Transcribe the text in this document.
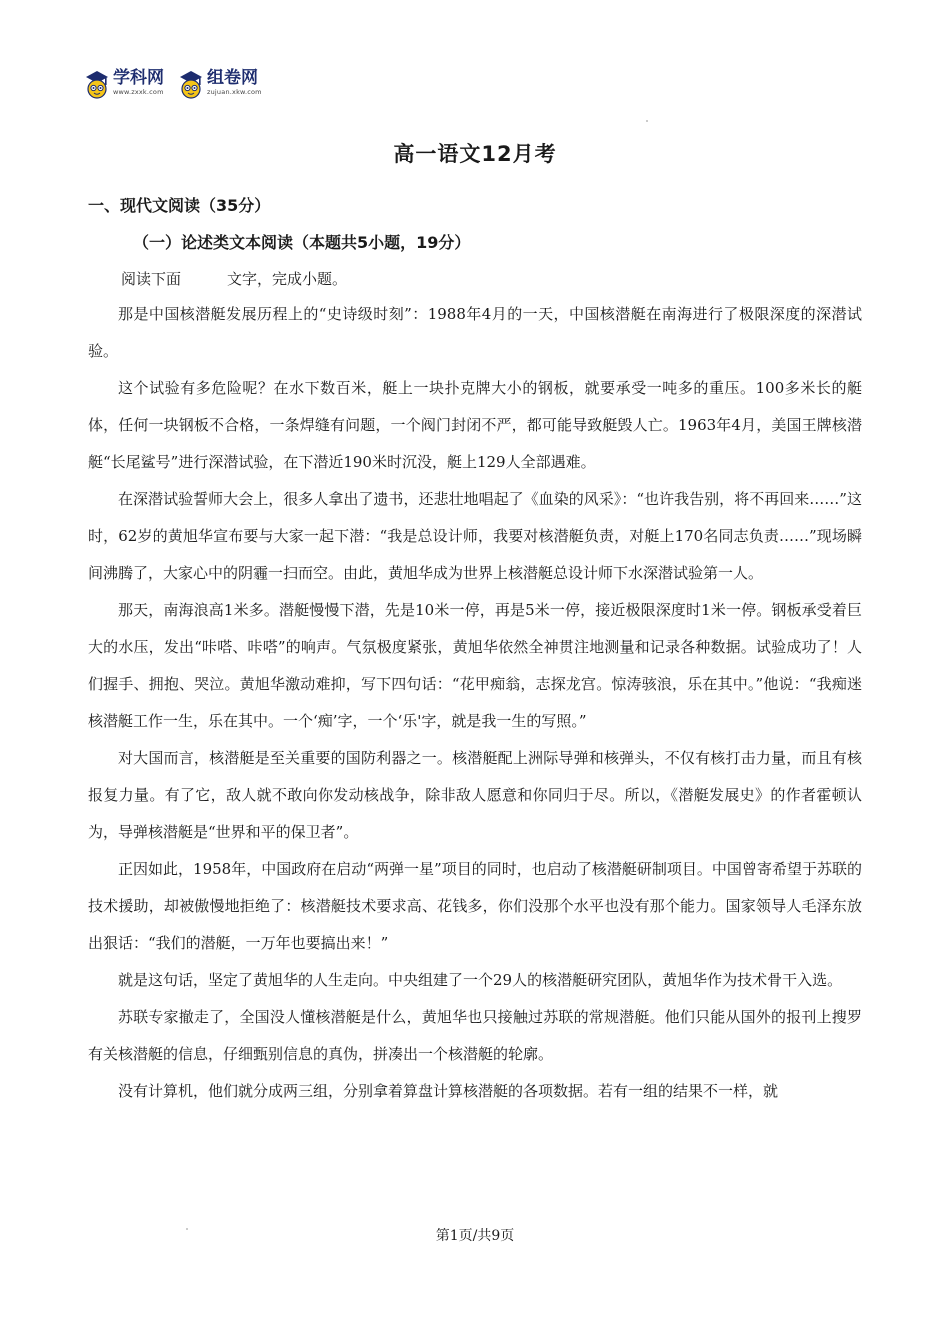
学科网
www.zxxk.com
组卷网
zujuan.xkw.com
高一语文12月考
一、现代文阅读（35分）
（一）论述类文本阅读（本题共5小题，19分）
阅读下面	文字，完成小题。

那是中国核潜艇发展历程上的“史诗级时刻”：1988年4月的一天，中国核潜艇在南海进行了极限深度的深潜试验。

这个试验有多危险呢？在水下数百米，艇上一块扑克牌大小的钢板，就要承受一吨多的重压。100多米长的艇体，任何一块钢板不合格，一条焊缝有问题，一个阀门封闭不严，都可能导致艇毁人亡。1963年4月，美国王牌核潜艇“长尾鲨号”进行深潜试验，在下潜近190米时沉没，艇上129人全部遇难。

在深潜试验誓师大会上，很多人拿出了遗书，还悲壮地唱起了《血染的风采》：“也许我告别，将不再回来……”这时，62岁的黄旭华宣布要与大家一起下潜：“我是总设计师，我要对核潜艇负责，对艇上170名同志负责……”现场瞬间沸腾了，大家心中的阴霾一扫而空。由此，黄旭华成为世界上核潜艇总设计师下水深潜试验第一人。

那天，南海浪高1米多。潜艇慢慢下潜，先是10米一停，再是5米一停，接近极限深度时1米一停。钢板承受着巨大的水压，发出“咔嗒、咔嗒”的响声。气氛极度紧张，黄旭华依然全神贯注地测量和记录各种数据。试验成功了！人们握手、拥抱、哭泣。黄旭华激动难抑，写下四句话：“花甲痴翁，志探龙宫。惊涛骇浪，乐在其中。”他说：“我痴迷核潜艇工作一生，乐在其中。一个‘痴’字，一个‘乐'字，就是我一生的写照。”

对大国而言，核潜艇是至关重要的国防利器之一。核潜艇配上洲际导弹和核弹头，不仅有核打击力量，而且有核报复力量。有了它，敌人就不敢向你发动核战争，除非敌人愿意和你同归于尽。所以，《潜艇发展史》的作者霍顿认为，导弹核潜艇是“世界和平的保卫者”。

正因如此，1958年，中国政府在启动“两弹一星”项目的同时，也启动了核潜艇研制项目。中国曾寄希望于苏联的技术援助，却被傲慢地拒绝了：核潜艇技术要求高、花钱多，你们没那个水平也没有那个能力。国家领导人毛泽东放出狠话：“我们的潜艇，一万年也要搞出来！”

就是这句话，坚定了黄旭华的人生走向。中央组建了一个29人的核潜艇研究团队，黄旭华作为技术骨干入选。

苏联专家撤走了，全国没人懂核潜艇是什么，黄旭华也只接触过苏联的常规潜艇。他们只能从国外的报刊上搜罗有关核潜艇的信息，仔细甄别信息的真伪，拼凑出一个核潜艇的轮廓。

没有计算机，他们就分成两三组，分别拿着算盘计算核潜艇的各项数据。若有一组的结果不一样，就

第1页/共9页
